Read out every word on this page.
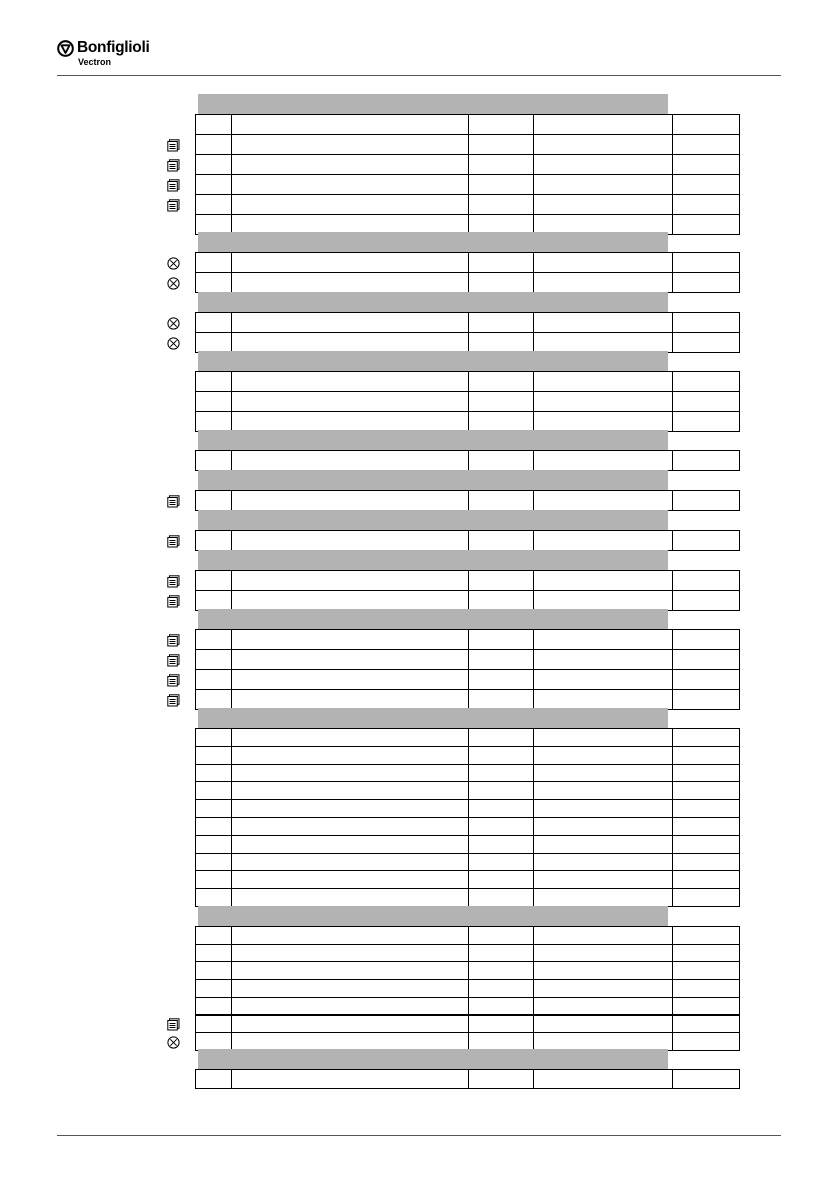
Bonfiglioli
Vectron
